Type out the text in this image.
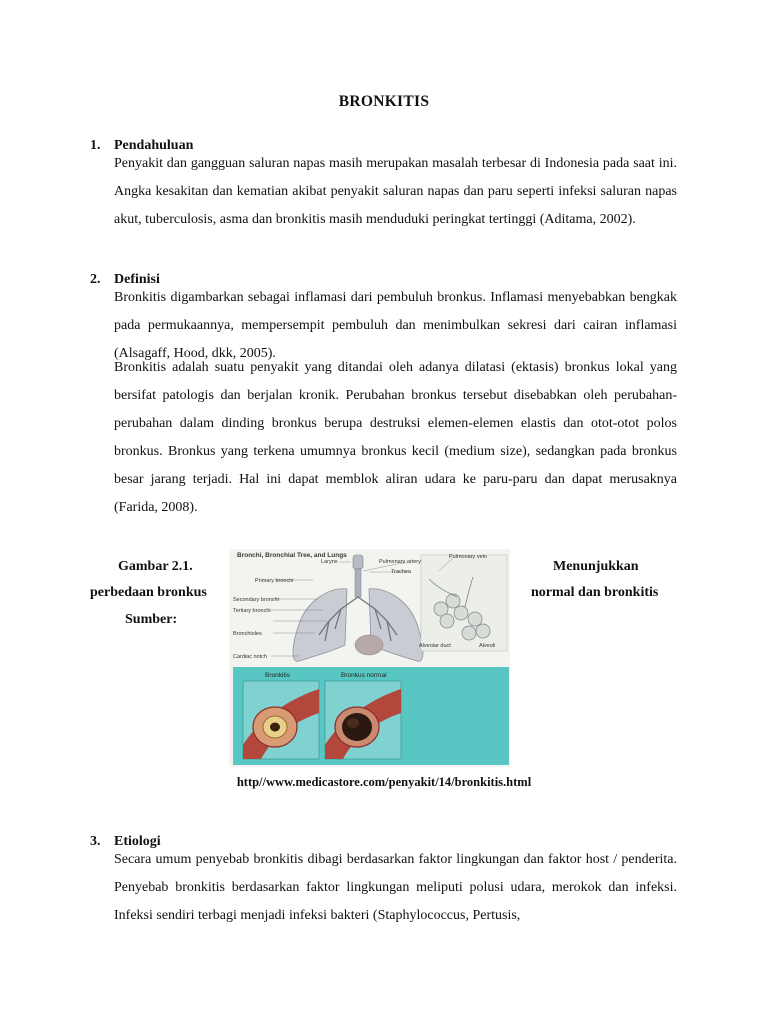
BRONKITIS
1. Pendahuluan

Penyakit dan gangguan saluran napas masih merupakan masalah terbesar di Indonesia pada saat ini. Angka kesakitan dan kematian akibat penyakit saluran napas dan paru seperti infeksi saluran napas akut, tuberculosis, asma dan bronkitis masih menduduki peringkat tertinggi (Aditama, 2002).

2. Definisi

Bronkitis digambarkan sebagai inflamasi dari pembuluh bronkus. Inflamasi menyebabkan bengkak pada permukaannya, mempersempit pembuluh dan menimbulkan sekresi dari cairan inflamasi (Alsagaff, Hood, dkk, 2005).

Bronkitis adalah suatu penyakit yang ditandai oleh adanya dilatasi (ektasis) bronkus lokal yang bersifat patologis dan berjalan kronik. Perubahan bronkus tersebut disebabkan oleh perubahan-perubahan dalam dinding bronkus berupa destruksi elemen-elemen elastis dan otot-otot polos bronkus. Bronkus yang terkena umumnya bronkus kecil (medium size), sedangkan pada bronkus besar jarang terjadi. Hal ini dapat memblok aliran udara ke paru-paru dan dapat merusaknya (Farida, 2008).

Gambar 2.1.
perbedaan bronkus
Sumber:
Menunjukkan
normal dan bronkitis
Bronchi, Bronchial Tree, and Lungs
Larynx	Pulmonary artery
Pulmonary vein
Trachea
Primary bronchi
Secondary bronchi
Tertiary bronchi
Bronchioles
Cardiac notch
Alveolar duct	Alveoli
Bronkitis	Bronkus normal
http//www.medicastore.com/penyakit/14/bronkitis.html
3. Etiologi

Secara umum penyebab bronkitis dibagi berdasarkan faktor lingkungan dan faktor host / penderita. Penyebab bronkitis berdasarkan faktor lingkungan meliputi polusi udara, merokok dan infeksi. Infeksi sendiri terbagi menjadi infeksi bakteri (Staphylococcus, Pertusis,
